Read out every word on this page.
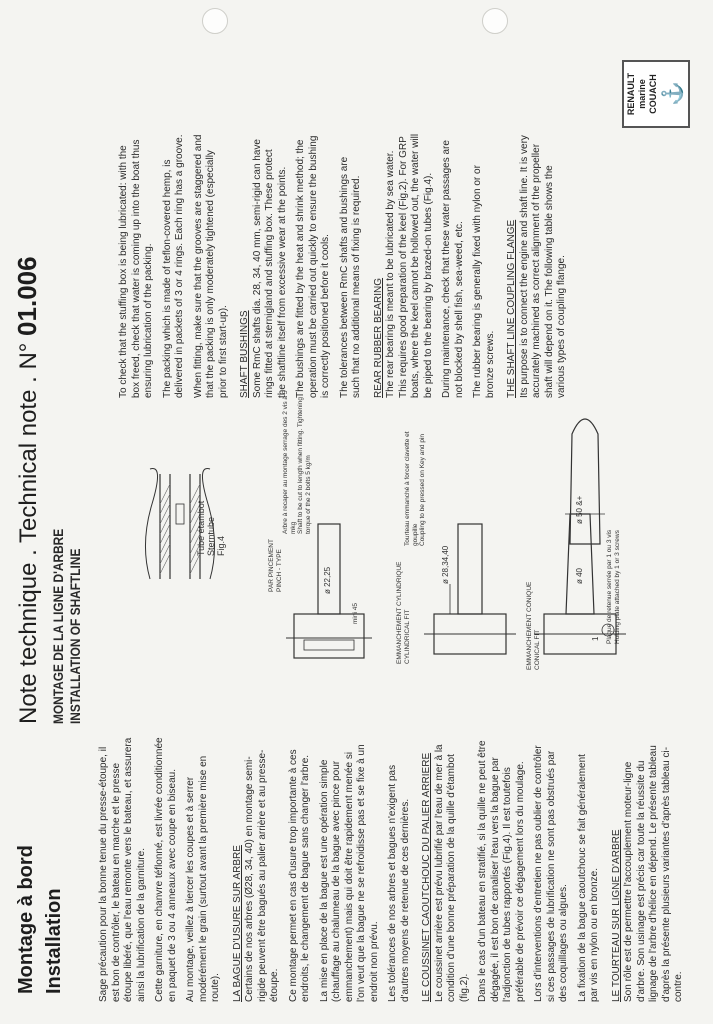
Montage à bord Installation
Note technique . Technical note . N° 01.006
MONTAGE DE LA LIGNE D'ARBRE INSTALLATION OF SHAFTLINE
RENAULT marine COUACH ⚓

Sage précaution pour la bonne tenue du presse-étoupe, il est bon de contrôler, le bateau en marche et le presse étoupe libéré, que l'eau remonte vers le bateau, et assurera ainsi la lubrification de la garniture. Cette garniture, en chanvre téflonné, est livrée conditionnée en paquet de 3 ou 4 anneaux avec coupe en biseau. Au montage, veillez à tiercer les coupes et à serrer modérément le grain (surtout avant la première mise en route). LA BAGUE D'USURE SUR ARBRE Certains de nos arbres (Ø28, 34, 40) en montage semi-rigide peuvent être bagués au palier arrière et au presse-étoupe. Ce montage permet en cas d'usure trop importante à ces endroits, le changement de bague sans changer l'arbre. La mise en place de la bague est une opération simple (chauffage au chalumeau de la bague avec pince pour emmanchement) mais qui doit être rapidement menée si l'on veut que la bague ne se refroidisse pas et se fixe à un endroit non prévu. Les tolérances de nos arbres et bagues n'exigent pas d'autres moyens de retenue de ces dernières. LE COUSSINET CAOUTCHOUC DU PALIER ARRIERE Le coussinet arrière est prévu lubrifié par l'eau de mer à la condition d'une bonne préparation de la quille d'étambot (fig.2). Dans le cas d'un bateau en stratifié, si la quille ne peut être dégagée, il est bon de canaliser l'eau vers la bague par l'adjonction de tubes rapportés (Fig.4). Il est toutefois préférable de prévoir ce dégagement lors du moulage. Lors d'interventions d'entretien ne pas oublier de contrôler si ces passages de lubrification ne sont pas obstrués par des coquillages ou algues. La fixation de la bague caoutchouc se fait généralement par vis en nylon ou en bronze. LE TOURTEAU SUR LIGNE D'ARBRE Son rôle est de permettre l'accouplement moteur-ligne d'arbre. Son usinage est précis car toute la réussite du lignage de l'arbre d'hélice en dépend. Le présente tableau d'après la présente plusieurs variantes d'après tableau ci-contre.

To check that the stuffing box is being lubricated: with the box freed, check that water is coming up into the boat thus ensuring lubrication of the packing. The packing which is made of teflon-covered hemp, is delivered in packets of 3 or 4 rings. Each ring has a groove. When fitting, make sure that the grooves are staggered and that the packing is only moderately tightened (especially prior to first start-up). SHAFT BUSHINGS Some RmC shafts dia. 28, 34, 40 mm, semi-rigid can have rings fitted at sternigland and stuffing box. These protect the shaftline itself from excessive wear at the points. The bushings are fitted by the heat and shrink method; the operation must be carried out quickly to ensure the bushing is correctly positioned before it cools. The tolerances between RmC shafts and bushings are such that no additional means of fixing is required. REAR RUBBER BEARING The rear bearing is meant to be lubricated by sea water. This requires good preparation of the keel (Fig.2). For GRP boats, where the keel cannot be hollowed out, the water will be piped to the bearing by brazed-on tubes (Fig.4). During maintenance, check that these water passages are not blocked by shell fish, sea-weed, etc. The rubber bearing is generally fixed with nylon or or bronze screws. THE SHAFT LINE COUPLING FLANGE Its purpose is to connect the engine and shaft line. It is very accurately machined as correct alignment of the propeller shaft will depend on it. The following table shows the various types of coupling flange.

Tube étambot Sterntube Fig.4	PAR PINCEMENT PINCH - TYPE
Arbre à recaper au montage serrage des 2 vis à 5 mkg Shaft to be cut to length when fitting. Tightening torque of the 2 bolts 5 kg/m
ø 22,25
mini 45	EMMANCHEMENT CYLINDRIQUE CYLINDRICAL FIT
Tourteau emmanché à forcer clavette et goupille Coupling to be pressed on Key and pin
ø 28,34,40
EMMANCHEMENT CONIQUE CONICAL FIT
ø 40
ø 50 &+
1 Plaque de retenue serrée par 1 ou 3 vis Holding plate attached by 1 or 3 screws
